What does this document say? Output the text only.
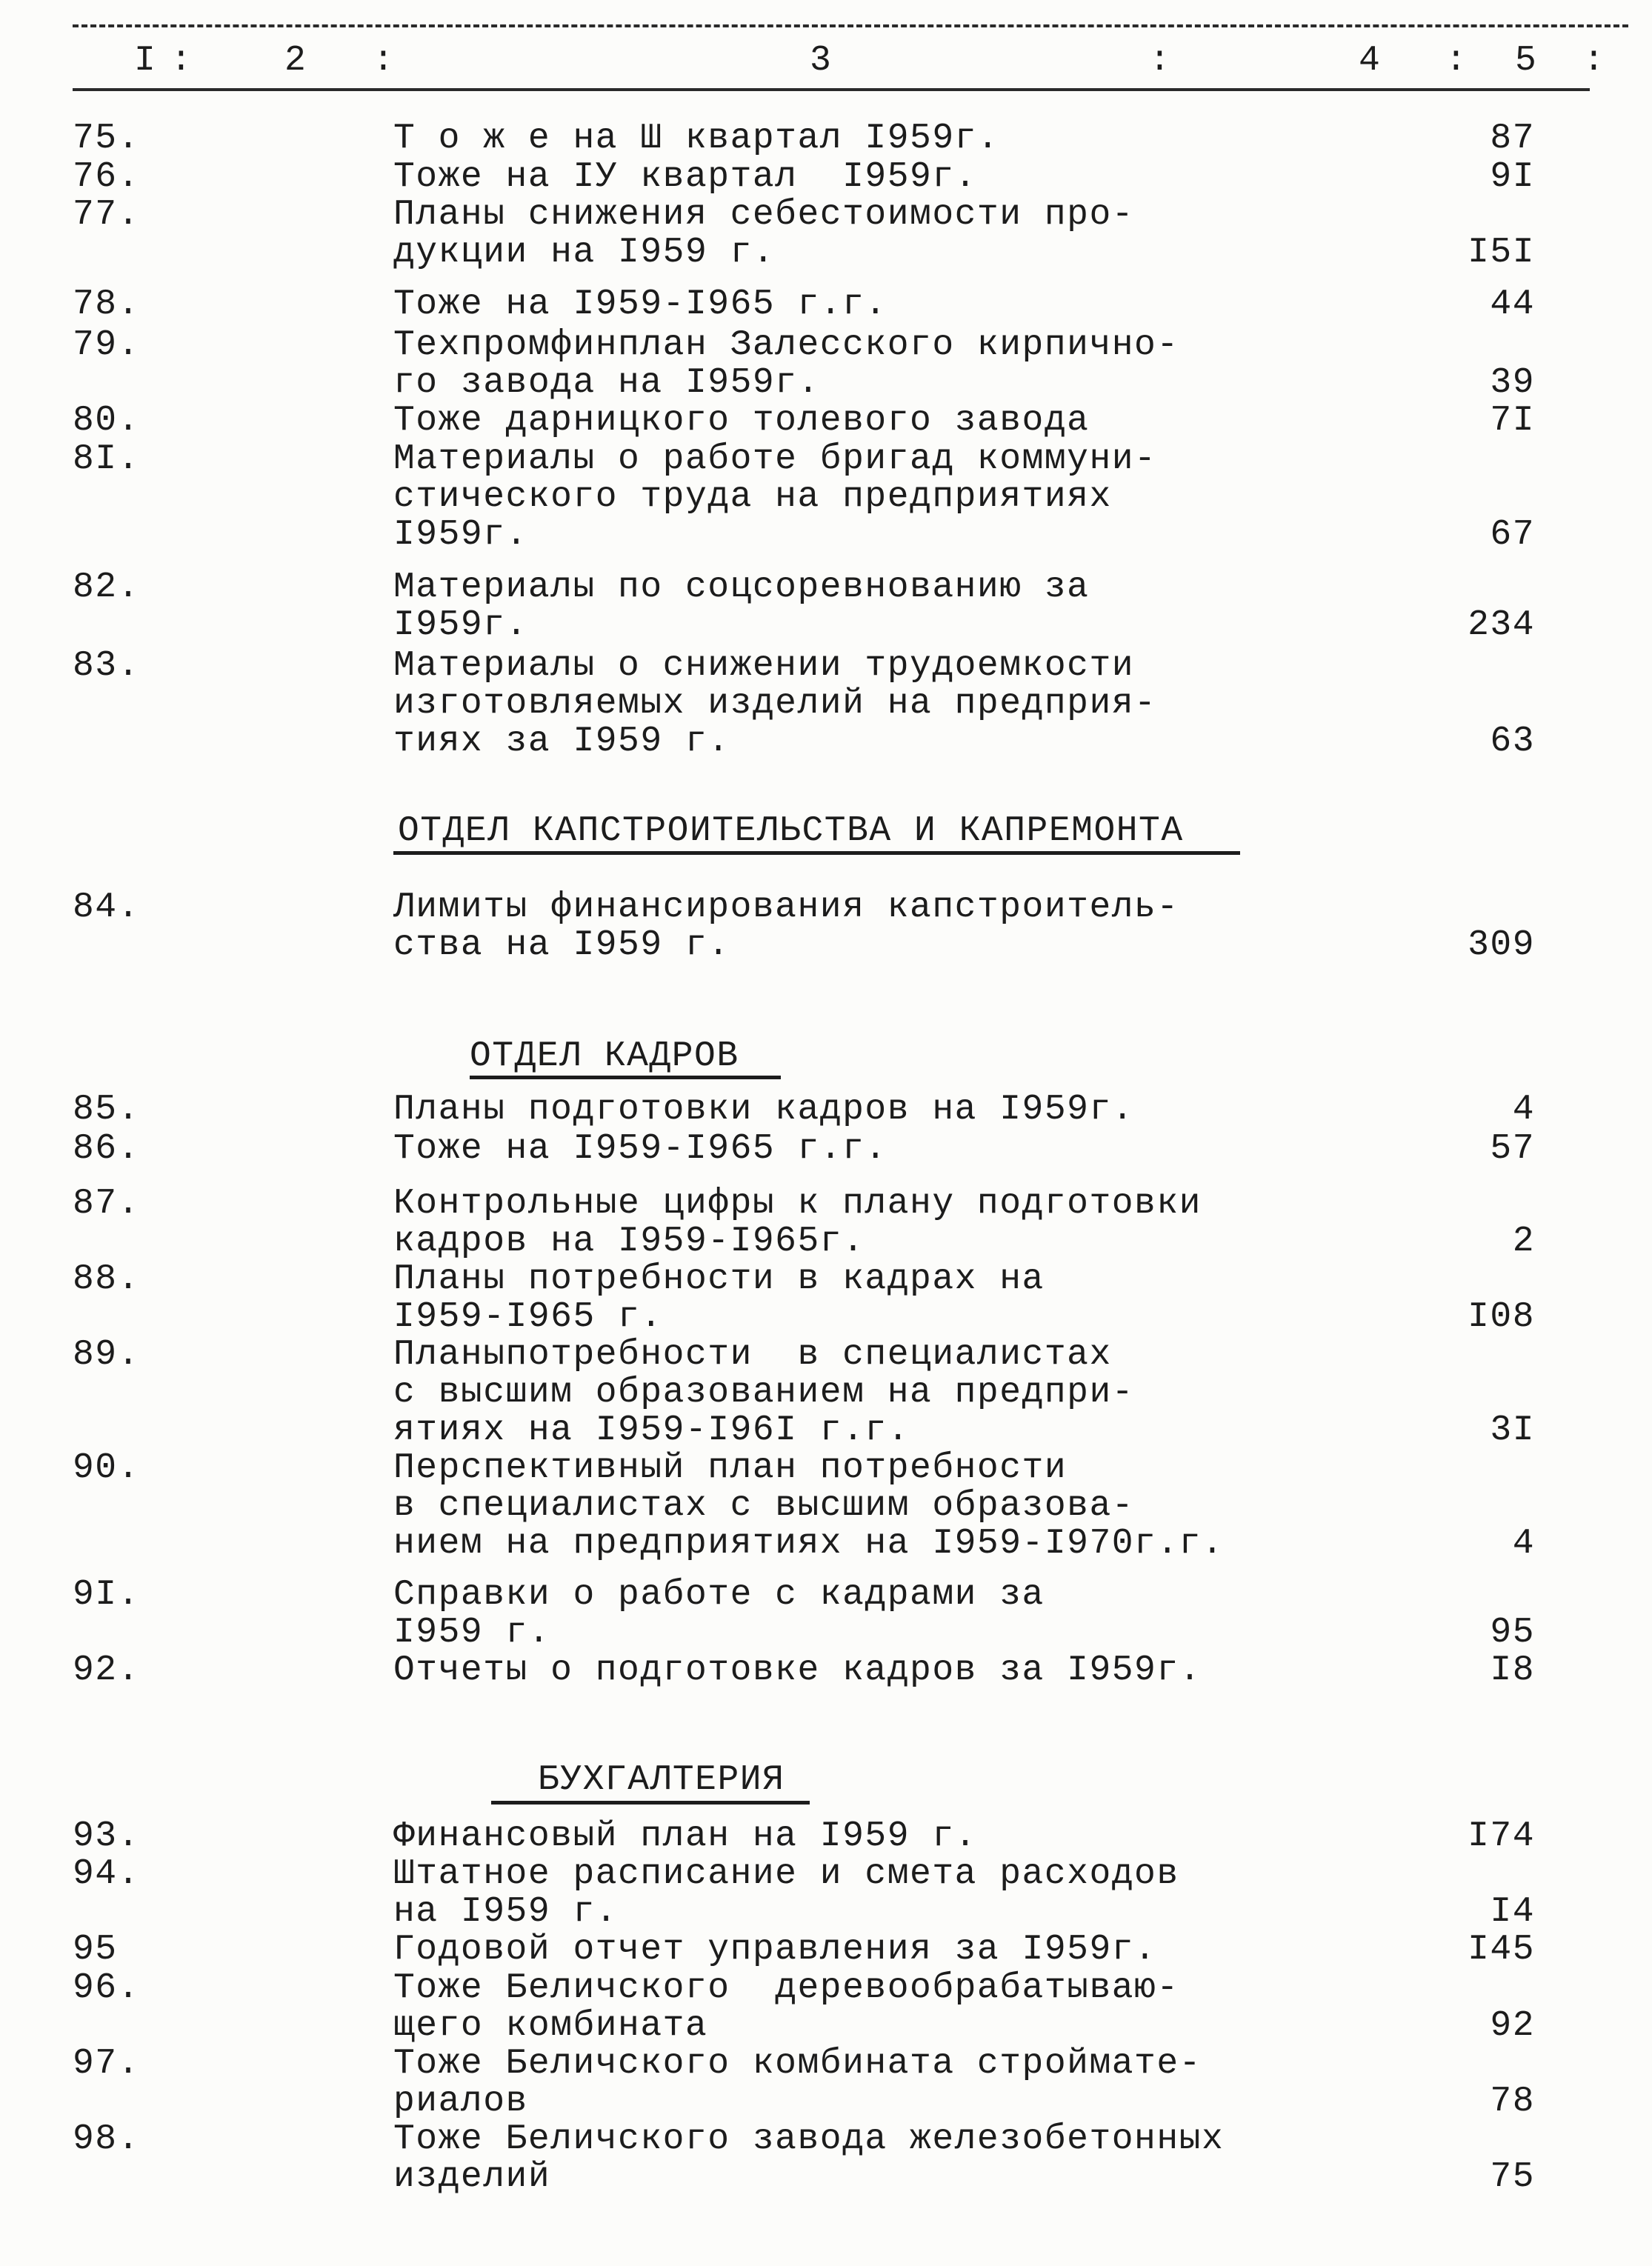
I :	2 :	3	:	4 : 5 :
75.	Т о ж е на Ш квартал I959г.	87
76.	Тоже на IУ квартал  I959г.	9I
77.	Планы снижения себестоимости про-
дукции на I959 г.	I5I
78.	Тоже на I959-I965 г.г.	44
79.	Техпромфинплан Залесского кирпично-
го завода на I959г.	39
80.	Тоже дарницкого толевого завода	7I
8I.	Материалы о работе бригад коммуни-
стического труда на предприятиях
I959г.	67
82.	Материалы по соцсоревнованию за
I959г.	234
83.	Материалы о снижении трудоемкости
изготовляемых изделий на предприя-
тиях за I959 г.	63
ОТДЕЛ КАПСТРОИТЕЛЬСТВА И КАПРЕМОНТА
84.	Лимиты финансирования капстроитель-
ства на I959 г.	309
ОТДЕЛ КАДРОВ
85.	Планы подготовки кадров на I959г.	4
86.	Тоже на I959-I965 г.г.	57
87.	Контрольные цифры к плану подготовки
кадров на I959-I965г.	2
88.	Планы потребности в кадрах на
I959-I965 г.	I08
89.	Планыпотребности  в специалистах
с высшим образованием на предпри-
ятиях на I959-I96I г.г.	3I
90.	Перспективный план потребности
в специалистах с высшим образова-
нием на предприятиях на I959-I970г.г.	4
9I.	Справки о работе с кадрами за
I959 г.	95
92.	Отчеты о подготовке кадров за I959г.	I8
БУХГАЛТЕРИЯ
93.	Финансовый план на I959 г.	I74
94.	Штатное расписание и смета расходов
на I959 г.	I4
95	Годовой отчет управления за I959г.	I45
96.	Тоже Беличского  деревообрабатываю-
щего комбината	92
97.	Тоже Беличского комбината строймате-
риалов	78
98.	Тоже Беличского завода железобетонных
изделий	75
